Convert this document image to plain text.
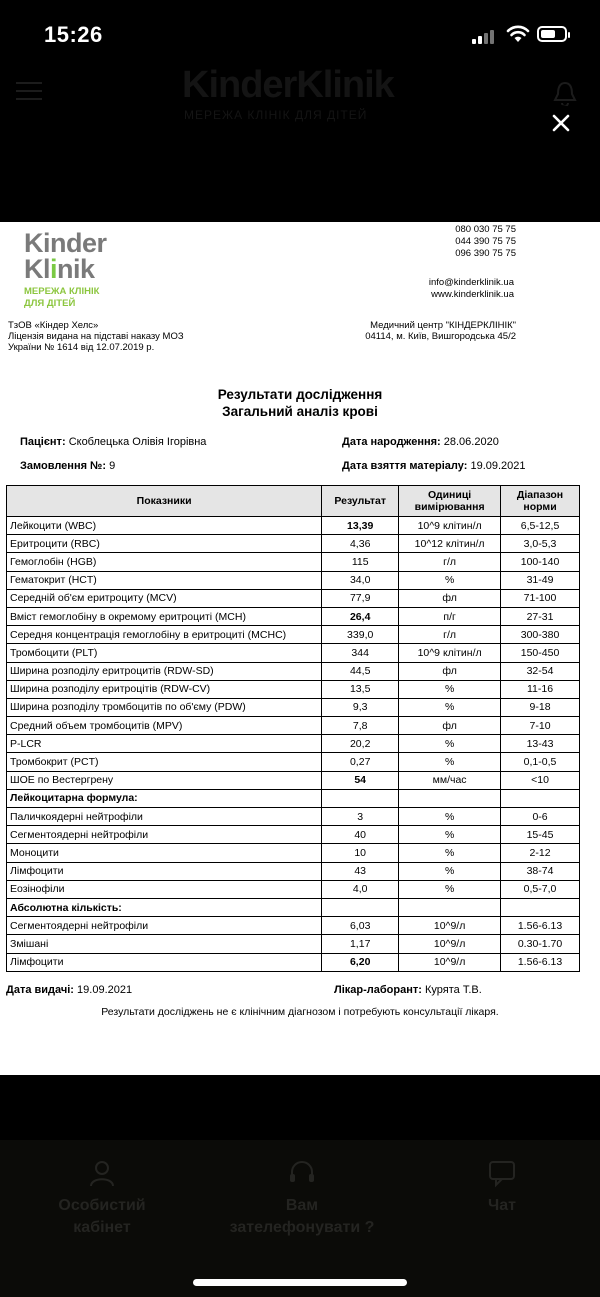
15:26
KinderKlinik
МЕРЕЖА КЛІНІК ДЛЯ ДІТЕЙ
Kinder
Klinik
МЕРЕЖА КЛІНІК
ДЛЯ ДІТЕЙ
080 030 75 75
044 390 75 75
096 390 75 75
info@kinderklinik.ua
www.kinderklinik.ua
ТзОВ «Кіндер Хелс»
Ліцензія видана на підставі наказу МОЗ
України № 1614 від 12.07.2019 р.
Медичний центр "КІНДЕРКЛІНІК"
04114, м. Київ, Вишгородська 45/2
Результати дослідження
Загальний аналіз крові
Пацієнт: Скоблецька Олівія Ігорівна	Дата народження: 28.06.2020
Замовлення №: 9	Дата взяття матеріалу: 19.09.2021
Показники	Результат	Одиниці вимірювання	Діапазон норми
Лейкоцити (WBC)	13,39	10^9 клітин/л	6,5-12,5
Еритроцити (RBC)	4,36	10^12 клітин/л	3,0-5,3
Гемоглобін (HGB)	115	г/л	100-140
Гематокрит (HCT)	34,0	%	31-49
Середній об'єм еритроциту (MCV)	77,9	фл	71-100
Вміст гемоглобіну в окремому еритроциті (MCH)	26,4	п/г	27-31
Середня концентрація гемоглобіну в еритроциті (MCHC)	339,0	г/л	300-380
Тромбоцити (PLT)	344	10^9 клітин/л	150-450
Ширина розподілу еритроцитів (RDW-SD)	44,5	фл	32-54
Ширина розподілу еритроцітів (RDW-CV)	13,5	%	11-16
Ширина розподілу тромбоцитів по об'єму (PDW)	9,3	%	9-18
Средний объем тромбоцитів (MPV)	7,8	фл	7-10
P-LCR	20,2	%	13-43
Тромбокрит (PCT)	0,27	%	0,1-0,5
ШОЕ по Вестергрену	54	мм/час	<10
Лейкоцитарна формула:			
Паличкоядерні нейтрофіли	3	%	0-6
Сегментоядерні нейтрофіли	40	%	15-45
Моноцити	10	%	2-12
Лімфоцити	43	%	38-74
Еозінофіли	4,0	%	0,5-7,0
Абсолютна кількість:			
Сегментоядерні нейтрофіли	6,03	10^9/л	1.56-6.13
Змішані	1,17	10^9/л	0.30-1.70
Лімфоцити	6,20	10^9/л	1.56-6.13
Дата видачі: 19.09.2021	Лікар-лаборант: Курята Т.В.
Результати досліджень не є клінічним діагнозом і потребують консультації лікаря.
Особистий
кабінет
Вам
зателефонувати ?
Чат
